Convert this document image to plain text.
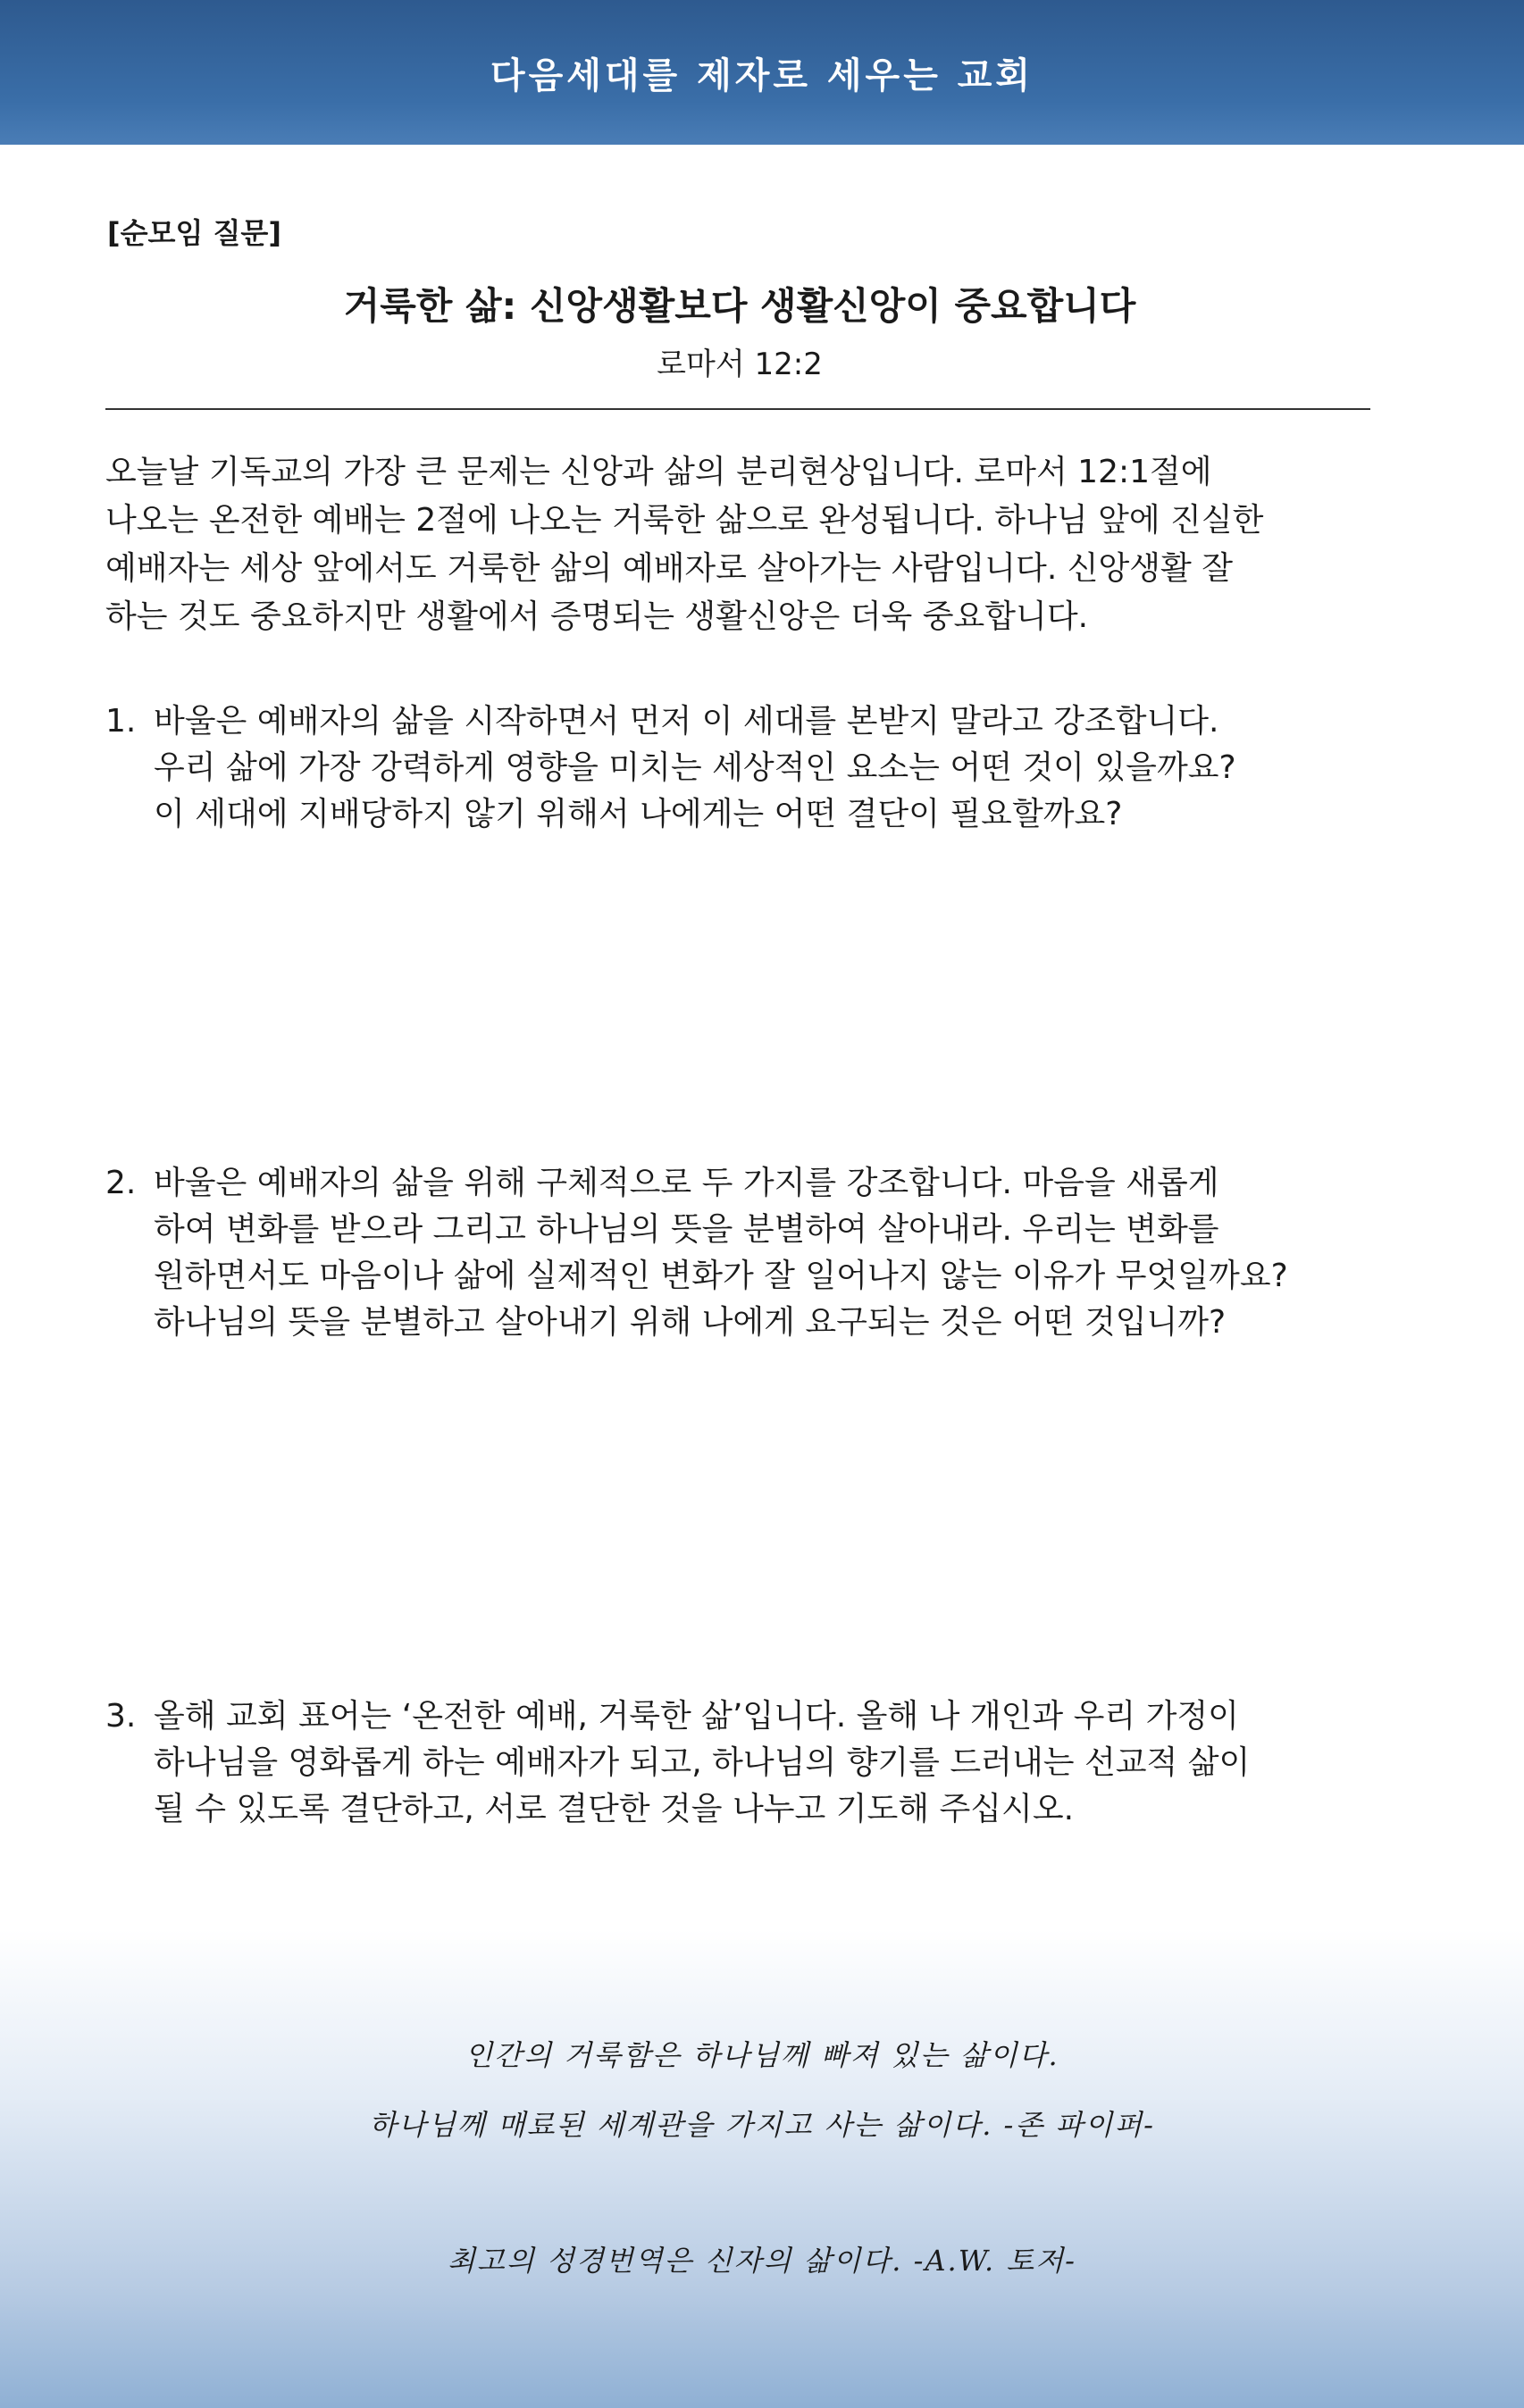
다음세대를 제자로 세우는 교회
[순모임 질문]
거룩한 삶: 신앙생활보다 생활신앙이 중요합니다
로마서 12:2
오늘날 기독교의 가장 큰 문제는 신앙과 삶의 분리현상입니다. 로마서 12:1절에
나오는 온전한 예배는 2절에 나오는 거룩한 삶으로 완성됩니다. 하나님 앞에 진실한
예배자는 세상 앞에서도 거룩한 삶의 예배자로 살아가는 사람입니다. 신앙생활 잘
하는 것도 중요하지만 생활에서 증명되는 생활신앙은 더욱 중요합니다.
1. 바울은 예배자의 삶을 시작하면서 먼저 이 세대를 본받지 말라고 강조합니다.
우리 삶에 가장 강력하게 영향을 미치는 세상적인 요소는 어떤 것이 있을까요?
이 세대에 지배당하지 않기 위해서 나에게는 어떤 결단이 필요할까요?
2. 바울은 예배자의 삶을 위해 구체적으로 두 가지를 강조합니다. 마음을 새롭게
하여 변화를 받으라 그리고 하나님의 뜻을 분별하여 살아내라. 우리는 변화를
원하면서도 마음이나 삶에 실제적인 변화가 잘 일어나지 않는 이유가 무엇일까요?
하나님의 뜻을 분별하고 살아내기 위해 나에게 요구되는 것은 어떤 것입니까?
3. 올해 교회 표어는 ‘온전한 예배, 거룩한 삶’입니다. 올해 나 개인과 우리 가정이
하나님을 영화롭게 하는 예배자가 되고, 하나님의 향기를 드러내는 선교적 삶이
될 수 있도록 결단하고, 서로 결단한 것을 나누고 기도해 주십시오.
인간의 거룩함은 하나님께 빠져 있는 삶이다.
하나님께 매료된 세계관을 가지고 사는 삶이다. -존 파이퍼-
최고의 성경번역은 신자의 삶이다. -A.W. 토저-
